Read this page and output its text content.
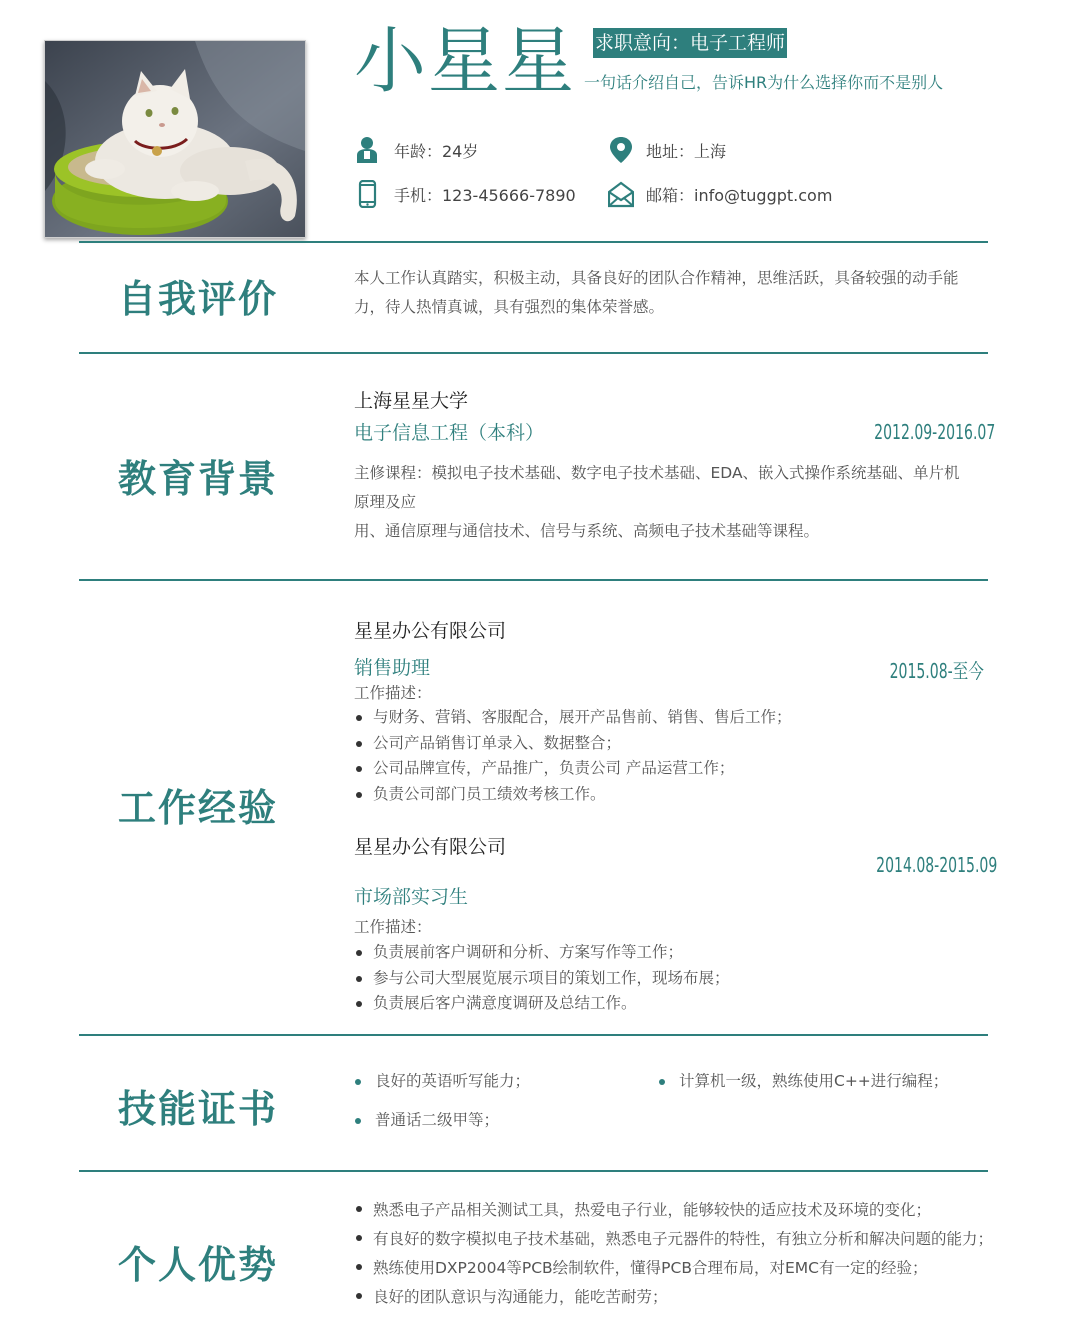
小星星 求职意向：电子工程师
一句话介绍自己，告诉HR为什么选择你而不是别人
年龄：24岁	地址：上海
手机：123-45666-7890	邮箱：info@tuggpt.com
自我评价	本人工作认真踏实，积极主动，具备良好的团队合作精神，思维活跃，具备较强的动手能
力，待人热情真诚，具有强烈的集体荣誉感。
教育背景
上海星星大学
电子信息工程（本科）	2012.09-2016.07
主修课程：模拟电子技术基础、数字电子技术基础、EDA、嵌入式操作系统基础、单片机
原理及应
用、通信原理与通信技术、信号与系统、高频电子技术基础等课程。
工作经验
星星办公有限公司
销售助理	2015.08-至今
工作描述：
与财务、营销、客服配合，展开产品售前、销售、售后工作；
公司产品销售订单录入、数据整合；
公司品牌宣传，产品推广，负责公司 产品运营工作；
负责公司部门员工绩效考核工作。
星星办公有限公司
2014.08-2015.09
市场部实习生
工作描述：
负责展前客户调研和分析、方案写作等工作；
参与公司大型展览展示项目的策划工作，现场布展；
负责展后客户满意度调研及总结工作。
技能证书
良好的英语听写能力；	计算机一级，熟练使用C++进行编程；
普通话二级甲等；
个人优势
熟悉电子产品相关测试工具，热爱电子行业，能够较快的适应技术及环境的变化；
有良好的数字模拟电子技术基础，熟悉电子元器件的特性，有独立分析和解决问题的能力；
熟练使用DXP2004等PCB绘制软件，懂得PCB合理布局，对EMC有一定的经验；
良好的团队意识与沟通能力，能吃苦耐劳；
